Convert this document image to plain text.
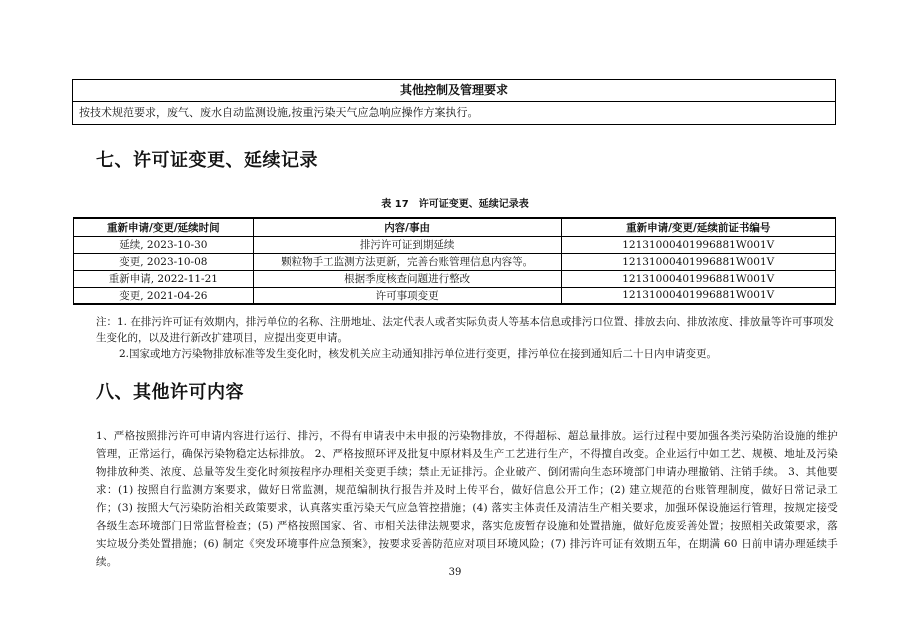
其他控制及管理要求
按技术规范要求，废气、废水自动监测设施,按重污染天气应急响应操作方案执行。
七、许可证变更、延续记录
表 17　许可证变更、延续记录表
重新申请/变更/延续时间	内容/事由	重新申请/变更/延续前证书编号
延续, 2023-10-30	排污许可证到期延续	121310004019968​81W001V
变更, 2023-10-08	颗粒物手工监测方法更新，完善台账管理信息内容等。	12131000401996881W001V
重新申请, 2022-11-21	根据季度核查问题进行整改	12131000401996881W001V
变更, 2021-04-26	许可事项变更	12131000401996881W001V

注：1. 在排污许可证有效期内，排污单位的名称、注册地址、法定代表人或者实际负责人等基本信息或排污口位置、排放去向、排放浓度、排放量等许可事项发生变化的，以及进行新改扩建项目，应提出变更申请。

2.国家或地方污染物排放标准等发生变化时，核发机关应主动通知排污单位进行变更，排污单位在接到通知后二十日内申请变更。

八、其他许可内容
1、严格按照排污许可申请内容进行运行、排污，不得有申请表中未申报的污染物排放，不得超标、超总量排放。运行过程中要加强各类污染防治设施的维护管理，正常运行，确保污染物稳定达标排放。 2、严格按照环评及批复中原材料及生产工艺进行生产，不得擅自改变。企业运行中如工艺、规模、地址及污染物排放种类、浓度、总量等发生变化时须按程序办理相关变更手续；禁止无证排污。企业破产、倒闭需向生态环境部门申请办理撤销、注销手续。 3、其他要求：(1) 按照自行监测方案要求，做好日常监测，规范编制执行报告并及时上传平台，做好信息公开工作；(2) 建立规范的台账管理制度，做好日常记录工作；(3) 按照大气污染防治相关政策要求，认真落实重污染天气应急管控措施；(4) 落实主体责任及清洁生产相关要求，加强环保设施运行管理，按规定接受各级生态环境部门日常监督检查；(5) 严格按照国家、省、市相关法律法规要求，落实危废暂存设施和处置措施，做好危废妥善处置；按照相关政策要求，落实垃圾分类处置措施；(6) 制定《突发环境事件应急预案》，按要求妥善防范应对项目环境风险；(7) 排污许可证有效期五年，在期满 60 日前申请办理延续手续。
39
